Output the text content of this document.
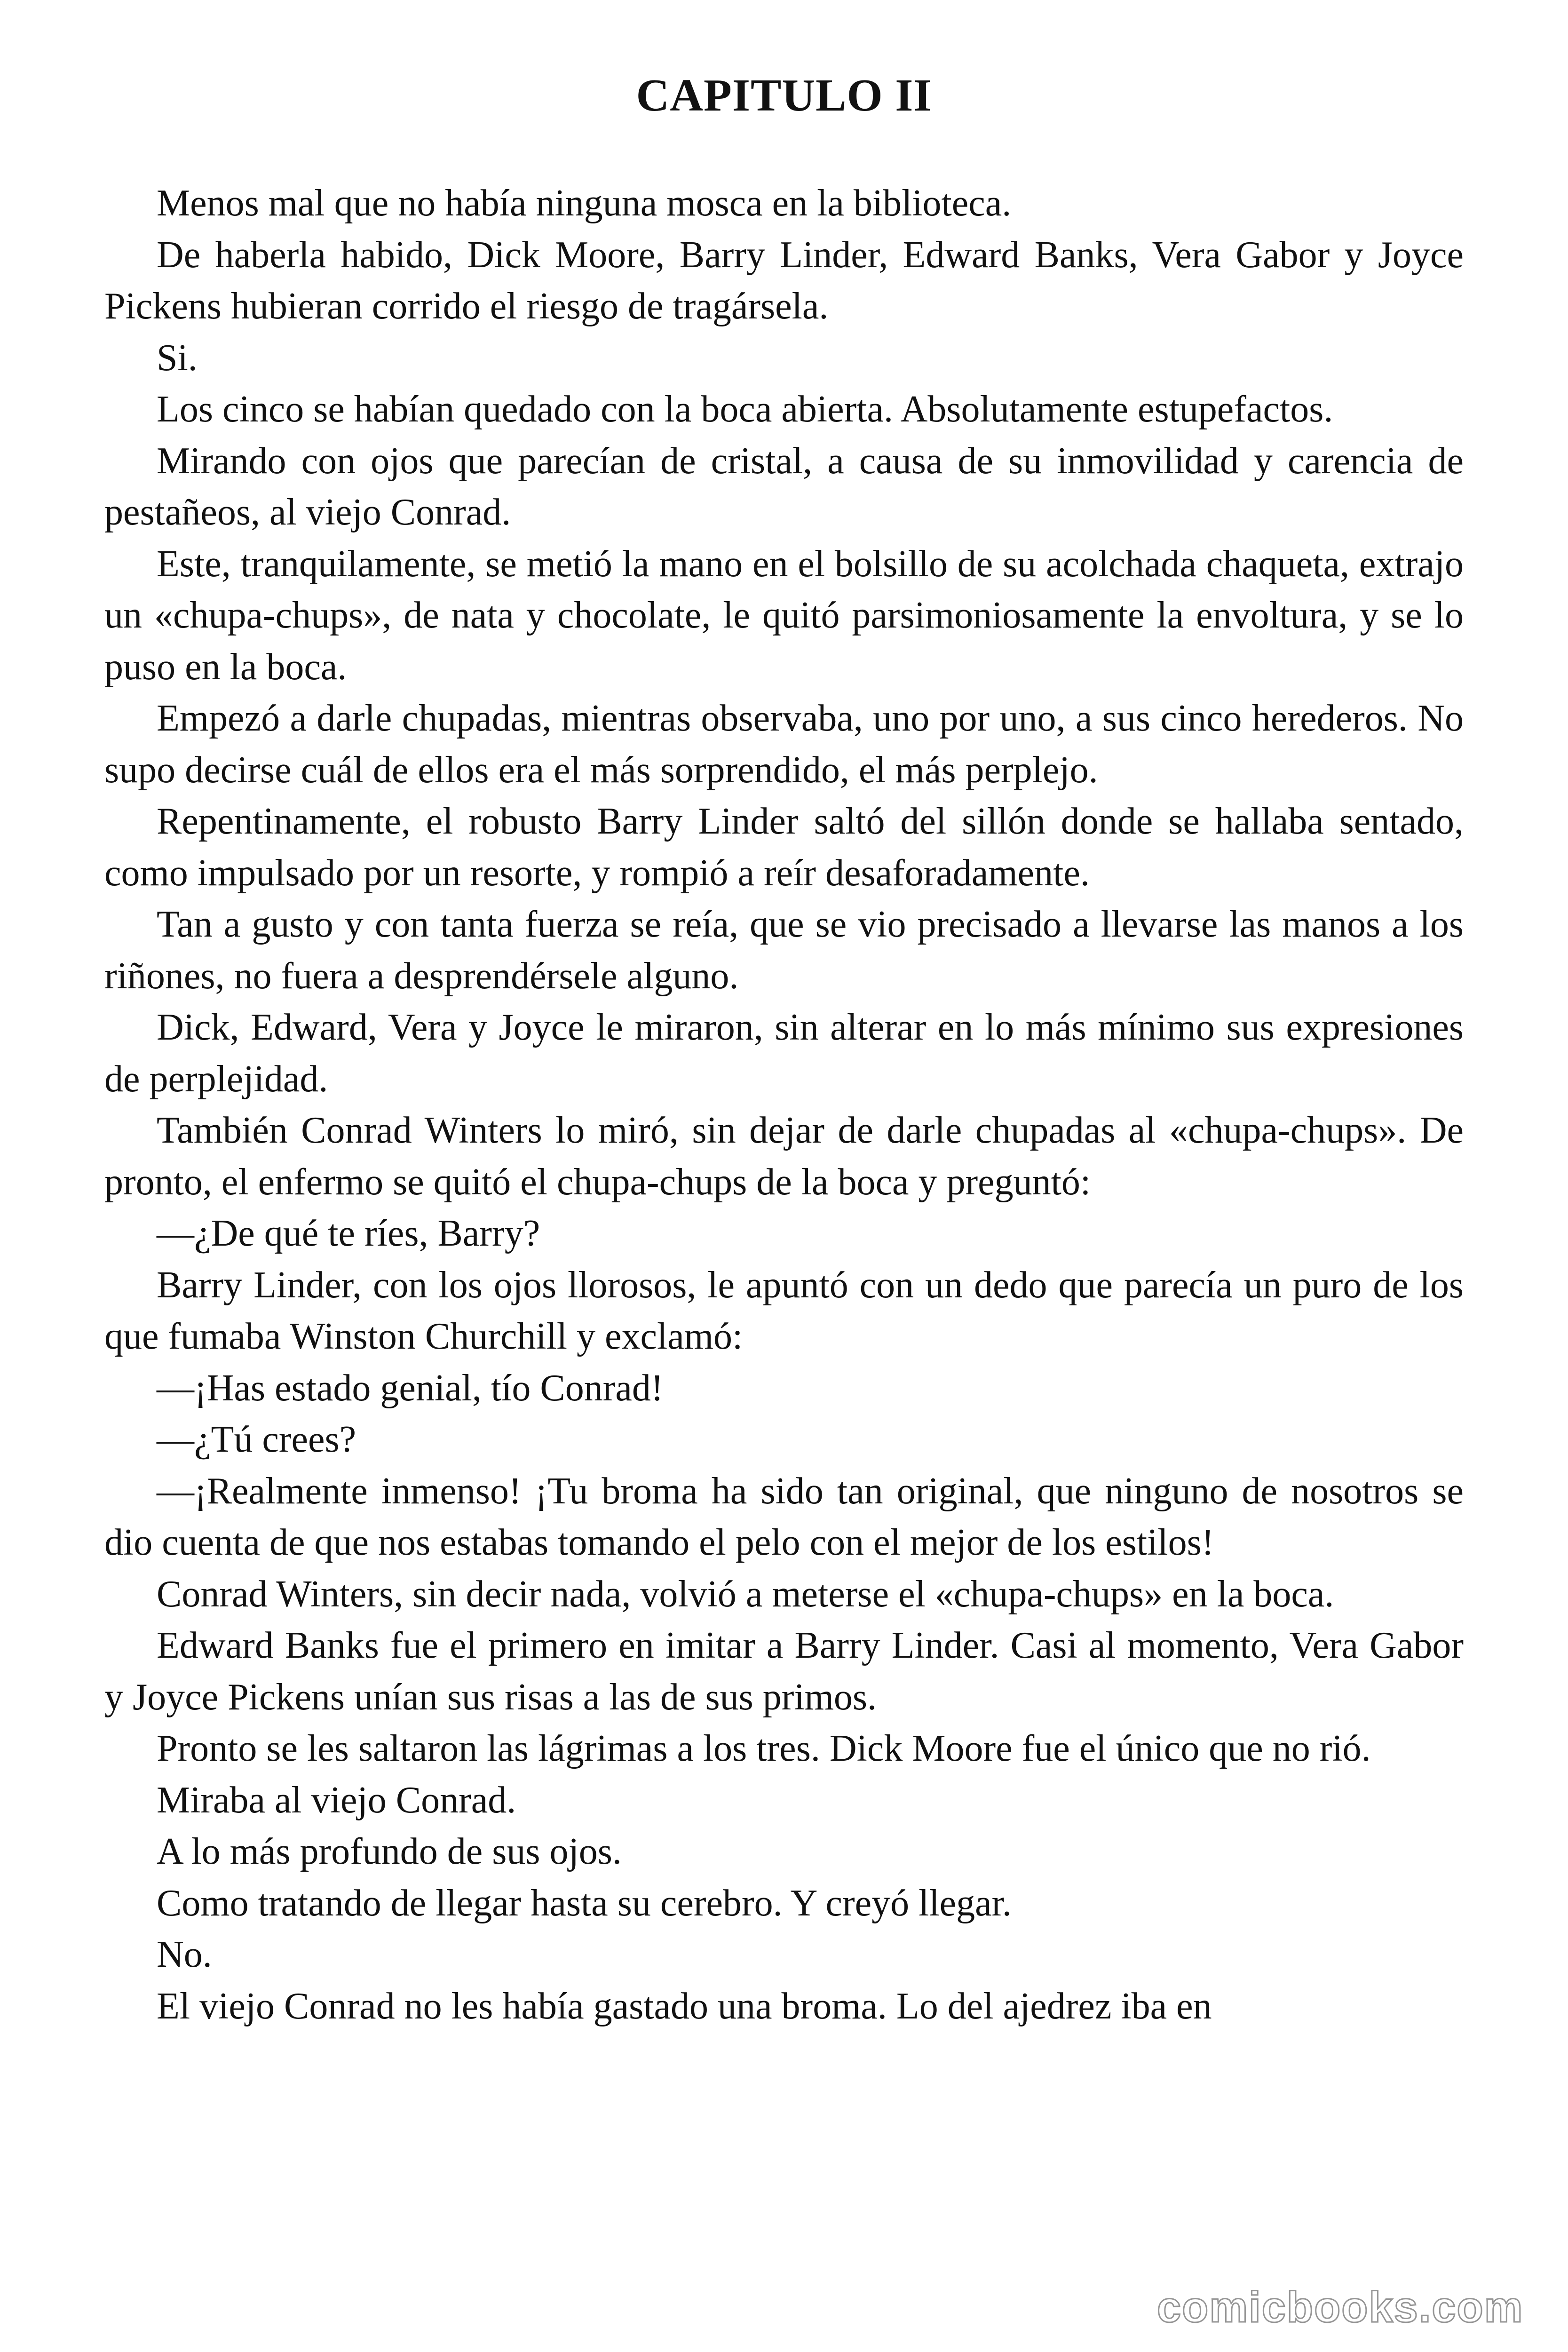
CAPITULO II

Menos mal que no había ninguna mosca en la biblioteca.

De haberla habido, Dick Moore, Barry Linder, Edward Banks, Vera Gabor y Joyce Pickens hubieran corrido el riesgo de tragársela.

Si.

Los cinco se habían quedado con la boca abierta. Absolutamente estupefactos.

Mirando con ojos que parecían de cristal, a causa de su inmovilidad y carencia de pestañeos, al viejo Conrad.

Este, tranquilamente, se metió la mano en el bolsillo de su acolchada chaqueta, extrajo un «chupa-chups», de nata y chocolate, le quitó parsimoniosamente la envoltura, y se lo puso en la boca.

Empezó a darle chupadas, mientras observaba, uno por uno, a sus cinco herederos. No supo decirse cuál de ellos era el más sorprendido, el más perplejo.

Repentinamente, el robusto Barry Linder saltó del sillón donde se hallaba sentado, como impulsado por un resorte, y rompió a reír desaforadamente.

Tan a gusto y con tanta fuerza se reía, que se vio precisado a llevarse las manos a los riñones, no fuera a desprendérsele alguno.

Dick, Edward, Vera y Joyce le miraron, sin alterar en lo más mínimo sus expresiones de perplejidad.

También Conrad Winters lo miró, sin dejar de darle chupadas al «chupa-chups». De pronto, el enfermo se quitó el chupa-chups de la boca y preguntó:

—¿De qué te ríes, Barry?

Barry Linder, con los ojos llorosos, le apuntó con un dedo que parecía un puro de los que fumaba Winston Churchill y exclamó:

—¡Has estado genial, tío Conrad!

—¿Tú crees?

—¡Realmente inmenso! ¡Tu broma ha sido tan original, que ninguno de nosotros se dio cuenta de que nos estabas tomando el pelo con el mejor de los estilos!

Conrad Winters, sin decir nada, volvió a meterse el «chupa-chups» en la boca.

Edward Banks fue el primero en imitar a Barry Linder. Casi al momento, Vera Gabor y Joyce Pickens unían sus risas a las de sus primos.

Pronto se les saltaron las lágrimas a los tres. Dick Moore fue el único que no rió.

Miraba al viejo Conrad.

A lo más profundo de sus ojos.

Como tratando de llegar hasta su cerebro. Y creyó llegar.

No.

El viejo Conrad no les había gastado una broma. Lo del ajedrez iba en

comicbooks.com
